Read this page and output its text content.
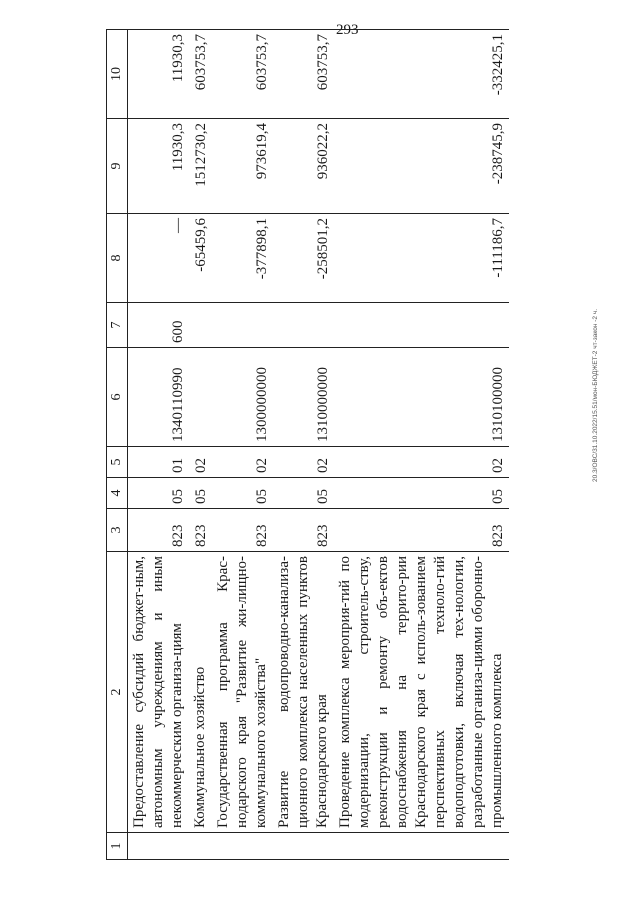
293
20.3/ОВС/31.10.2022/15.51/мон-БЮДЖЕТ-2 чт-закон -2 ч.
1	2	3	4	5	6	7	8	9	10
	Предоставление субсидий бюджет-ным, автономным учреждениям и иным некоммерческим организа-циям	823	05	01	1340110990	600	—	11930,3	11930,3
	Коммунальное хозяйство	823	05	02			-65459,6	1512730,2	603753,7
	Государственная программа Крас-нодарского края "Развитие жи-лищно-коммунального хозяйства"	823	05	02	1300000000		-377898,1	973619,4	603753,7
	Развитие водопроводно-канализа-ционного комплекса населенных пунктов Краснодарского края	823	05	02	1310000000		-258501,2	936022,2	603753,7
	Проведение комплекса мероприя-тий по модернизации, строитель-ству, реконструкции и ремонту объ-ектов водоснабжения на террито-рии Краснодарского края с исполь-зованием перспективных техноло-гий водоподготовки, включая тех-нологии, разработанные организа-циями оборонно-промышленного комплекса	823	05	02	1310100000		-111186,7	-238745,9	-332425,1
